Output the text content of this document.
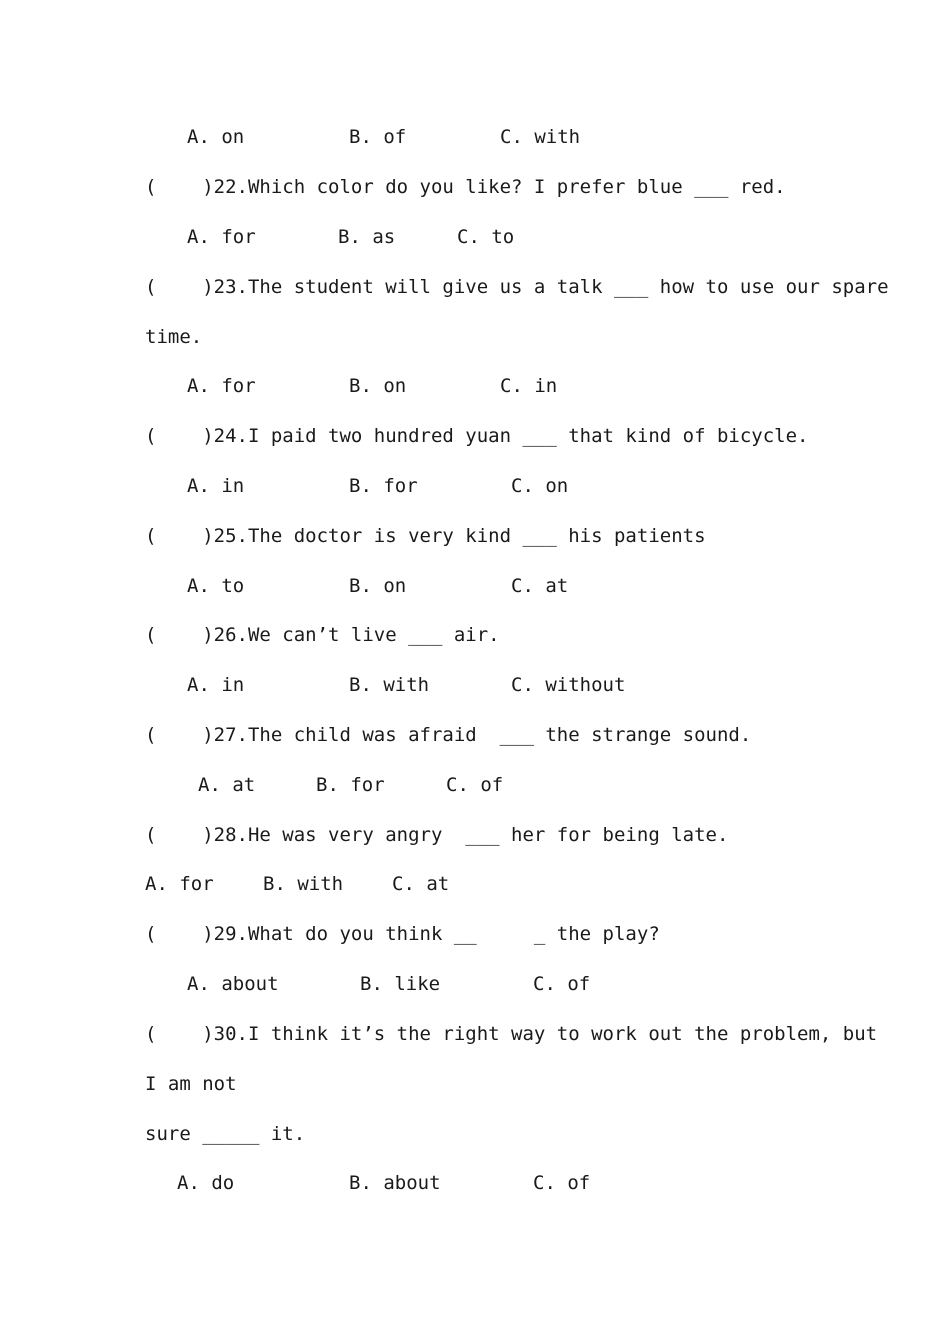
A. on	B. of	C. with
(    )22.Which color do you like? I prefer blue ___ red.
A. for	B. as	C. to
(    )23.The student will give us a talk ___ how to use our spare
time.
A. for	B. on	C. in
(    )24.I paid two hundred yuan ___ that kind of bicycle.
A. in	B. for	C. on
(    )25.The doctor is very kind ___ his patients
A. to	B. on	C. at
(    )26.We can’t live ___ air.
A. in	B. with	C. without
(    )27.The child was afraid  ___ the strange sound.
A. at	B. for	C. of
(    )28.He was very angry  ___ her for being late.
A. for	B. with	C. at
(    )29.What do you think __     _ the play?
A. about	B. like	C. of
(    )30.I think it’s the right way to work out the problem, but
I am not
sure _____ it.
A. do	B. about	C. of
